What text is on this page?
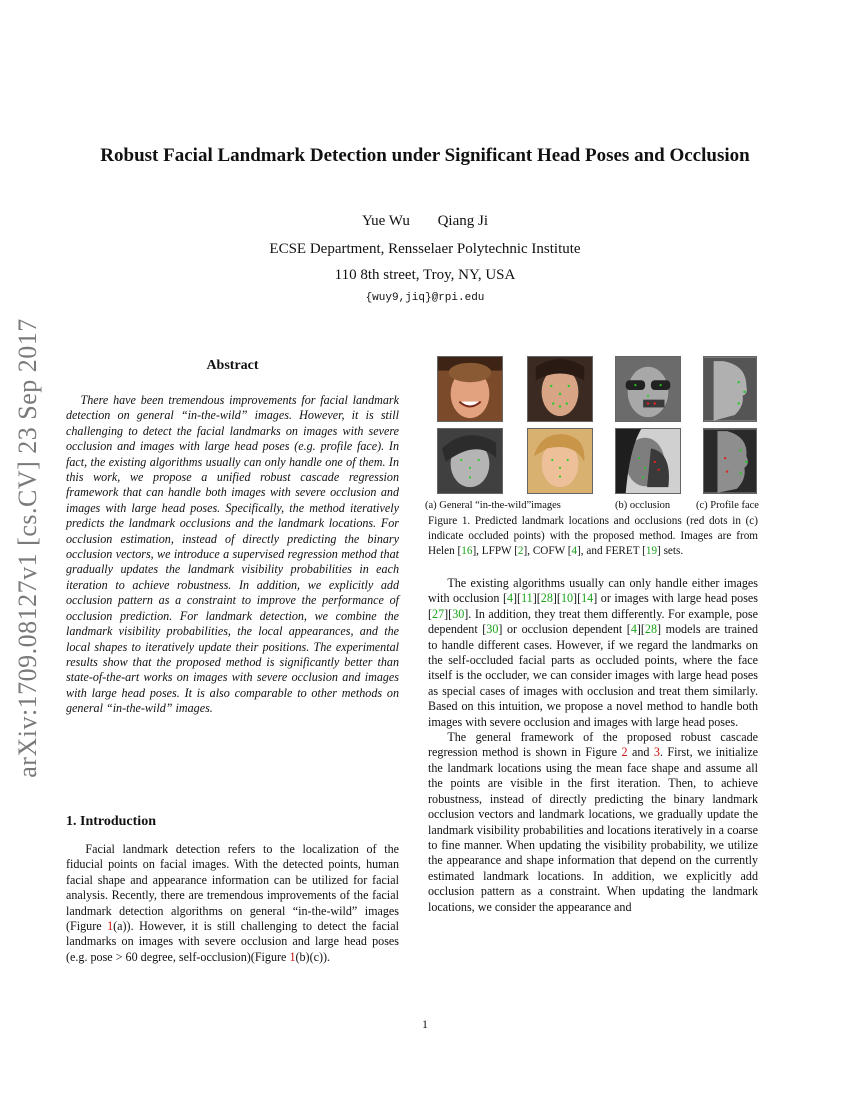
arXiv:1709.08127v1 [cs.CV] 23 Sep 2017
Robust Facial Landmark Detection under Significant Head Poses and Occlusion
Yue Wu Qiang Ji
ECSE Department, Rensselaer Polytechnic Institute
110 8th street, Troy, NY, USA
{wuy9,jiq}@rpi.edu
Abstract

There have been tremendous improvements for facial landmark detection on general “in-the-wild” images. However, it is still challenging to detect the facial landmarks on images with severe occlusion and images with large head poses (e.g. profile face). In fact, the existing algorithms usually can only handle one of them. In this work, we propose a unified robust cascade regression framework that can handle both images with severe occlusion and images with large head poses. Specifically, the method iteratively predicts the landmark occlusions and the landmark locations. For occlusion estimation, instead of directly predicting the binary occlusion vectors, we introduce a supervised regression method that gradually updates the landmark visibility probabilities in each iteration to achieve robustness. In addition, we explicitly add occlusion pattern as a constraint to improve the performance of occlusion prediction. For landmark detection, we combine the landmark visibility probabilities, the local appearances, and the local shapes to iteratively update their positions. The experimental results show that the proposed method is significantly better than state-of-the-art works on images with severe occlusion and images with large head poses. It is also comparable to other methods on general “in-the-wild” images.

1. Introduction

Facial landmark detection refers to the localization of the fiducial points on facial images. With the detected points, human facial shape and appearance information can be utilized for facial analysis. Recently, there are tremendous improvements of the facial landmark detection algorithms on general “in-the-wild” images (Figure 1(a)). However, it is still challenging to detect the facial landmarks on images with severe occlusion and large head poses (e.g. pose > 60 degree, self-occlusion)(Figure 1(b)(c)).

(a) General “in-the-wild”images	(b) occlusion (c) Profile face
Figure 1. Predicted landmark locations and occlusions (red dots in (c) indicate occluded points) with the proposed method. Images are from Helen [16], LFPW [2], COFW [4], and FERET [19] sets.

The existing algorithms usually can only handle either images with occlusion [4][11][28][10][14] or images with large head poses [27][30]. In addition, they treat them differently. For example, pose dependent [30] or occlusion dependent [4][28] models are trained to handle different cases. However, if we regard the landmarks on the self-occluded facial parts as occluded points, where the face itself is the occluder, we can consider images with large head poses as special cases of images with occlusion and treat them similarly. Based on this intuition, we propose a novel method to handle both images with severe occlusion and images with large head poses.

The general framework of the proposed robust cascade regression method is shown in Figure 2 and 3. First, we initialize the landmark locations using the mean face shape and assume all the points are visible in the first iteration. Then, to achieve robustness, instead of directly predicting the binary landmark occlusion vectors and landmark locations, we gradually update the landmark visibility probabilities and locations iteratively in a coarse to fine manner. When updating the visibility probability, we utilize the appearance and shape information that depend on the currently estimated landmark locations. In addition, we explicitly add occlusion pattern as a constraint. When updating the landmark locations, we consider the appearance and

1
